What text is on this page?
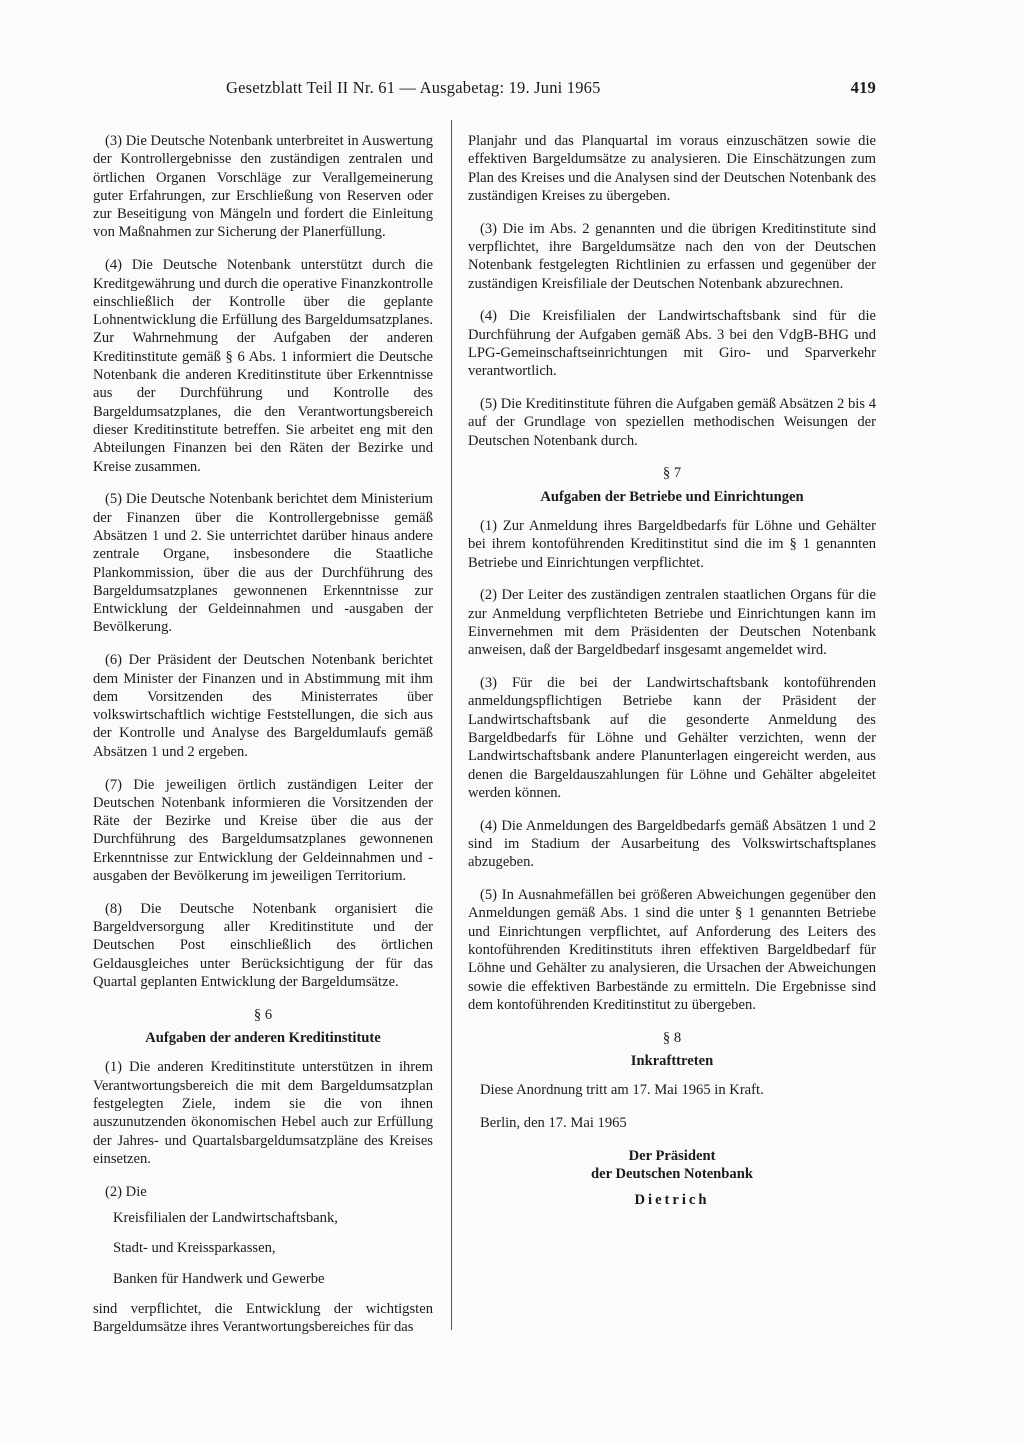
Gesetzblatt Teil II Nr. 61 — Ausgabetag: 19. Juni 1965	419

(3) Die Deutsche Notenbank unterbreitet in Auswertung der Kontrollergebnisse den zuständigen zentralen und örtlichen Organen Vorschläge zur Verallgemeinerung guter Erfahrungen, zur Erschließung von Reserven oder zur Beseitigung von Mängeln und fordert die Einleitung von Maßnahmen zur Sicherung der Planerfüllung.

(4) Die Deutsche Notenbank unterstützt durch die Kreditgewährung und durch die operative Finanzkontrolle einschließlich der Kontrolle über die geplante Lohnentwicklung die Erfüllung des Bargeldumsatzplanes. Zur Wahrnehmung der Aufgaben der anderen Kreditinstitute gemäß § 6 Abs. 1 informiert die Deutsche Notenbank die anderen Kreditinstitute über Erkenntnisse aus der Durchführung und Kontrolle des Bargeldumsatzplanes, die den Verantwortungsbereich dieser Kreditinstitute betreffen. Sie arbeitet eng mit den Abteilungen Finanzen bei den Räten der Bezirke und Kreise zusammen.

(5) Die Deutsche Notenbank berichtet dem Ministerium der Finanzen über die Kontrollergebnisse gemäß Absätzen 1 und 2. Sie unterrichtet darüber hinaus andere zentrale Organe, insbesondere die Staatliche Plankommission, über die aus der Durchführung des Bargeldumsatzplanes gewonnenen Erkenntnisse zur Entwicklung der Geldeinnahmen und -ausgaben der Bevölkerung.

(6) Der Präsident der Deutschen Notenbank berichtet dem Minister der Finanzen und in Abstimmung mit ihm dem Vorsitzenden des Ministerrates über volkswirtschaftlich wichtige Feststellungen, die sich aus der Kontrolle und Analyse des Bargeldumlaufs gemäß Absätzen 1 und 2 ergeben.

(7) Die jeweiligen örtlich zuständigen Leiter der Deutschen Notenbank informieren die Vorsitzenden der Räte der Bezirke und Kreise über die aus der Durchführung des Bargeldumsatzplanes gewonnenen Erkenntnisse zur Entwicklung der Geldeinnahmen und -ausgaben der Bevölkerung im jeweiligen Territorium.

(8) Die Deutsche Notenbank organisiert die Bargeldversorgung aller Kreditinstitute und der Deutschen Post einschließlich des örtlichen Geldausgleiches unter Berücksichtigung der für das Quartal geplanten Entwicklung der Bargeldumsätze.

§ 6

Aufgaben der anderen Kreditinstitute

(1) Die anderen Kreditinstitute unterstützen in ihrem Verantwortungsbereich die mit dem Bargeldumsatzplan festgelegten Ziele, indem sie die von ihnen auszunutzenden ökonomischen Hebel auch zur Erfüllung der Jahres- und Quartalsbargeldumsatzpläne des Kreises einsetzen.

(2) Die

Kreisfilialen der Landwirtschaftsbank,

Stadt- und Kreissparkassen,

Banken für Handwerk und Gewerbe

sind verpflichtet, die Entwicklung der wichtigsten Bargeldumsätze ihres Verantwortungsbereiches für das

Planjahr und das Planquartal im voraus einzuschätzen sowie die effektiven Bargeldumsätze zu analysieren. Die Einschätzungen zum Plan des Kreises und die Analysen sind der Deutschen Notenbank des zuständigen Kreises zu übergeben.

(3) Die im Abs. 2 genannten und die übrigen Kreditinstitute sind verpflichtet, ihre Bargeldumsätze nach den von der Deutschen Notenbank festgelegten Richtlinien zu erfassen und gegenüber der zuständigen Kreisfiliale der Deutschen Notenbank abzurechnen.

(4) Die Kreisfilialen der Landwirtschaftsbank sind für die Durchführung der Aufgaben gemäß Abs. 3 bei den VdgB-BHG und LPG-Gemeinschaftseinrichtungen mit Giro- und Sparverkehr verantwortlich.

(5) Die Kreditinstitute führen die Aufgaben gemäß Absätzen 2 bis 4 auf der Grundlage von speziellen methodischen Weisungen der Deutschen Notenbank durch.

§ 7

Aufgaben der Betriebe und Einrichtungen

(1) Zur Anmeldung ihres Bargeldbedarfs für Löhne und Gehälter bei ihrem kontoführenden Kreditinstitut sind die im § 1 genannten Betriebe und Einrichtungen verpflichtet.

(2) Der Leiter des zuständigen zentralen staatlichen Organs für die zur Anmeldung verpflichteten Betriebe und Einrichtungen kann im Einvernehmen mit dem Präsidenten der Deutschen Notenbank anweisen, daß der Bargeldbedarf insgesamt angemeldet wird.

(3) Für die bei der Landwirtschaftsbank kontoführenden anmeldungspflichtigen Betriebe kann der Präsident der Landwirtschaftsbank auf die gesonderte Anmeldung des Bargeldbedarfs für Löhne und Gehälter verzichten, wenn der Landwirtschaftsbank andere Planunterlagen eingereicht werden, aus denen die Bargeldauszahlungen für Löhne und Gehälter abgeleitet werden können.

(4) Die Anmeldungen des Bargeldbedarfs gemäß Absätzen 1 und 2 sind im Stadium der Ausarbeitung des Volkswirtschaftsplanes abzugeben.

(5) In Ausnahmefällen bei größeren Abweichungen gegenüber den Anmeldungen gemäß Abs. 1 sind die unter § 1 genannten Betriebe und Einrichtungen verpflichtet, auf Anforderung des Leiters des kontoführenden Kreditinstituts ihren effektiven Bargeldbedarf für Löhne und Gehälter zu analysieren, die Ursachen der Abweichungen sowie die effektiven Barbestände zu ermitteln. Die Ergebnisse sind dem kontoführenden Kreditinstitut zu übergeben.

§ 8

Inkrafttreten

Diese Anordnung tritt am 17. Mai 1965 in Kraft.

Berlin, den 17. Mai 1965

Der Präsident

der Deutschen Notenbank

Dietrich
